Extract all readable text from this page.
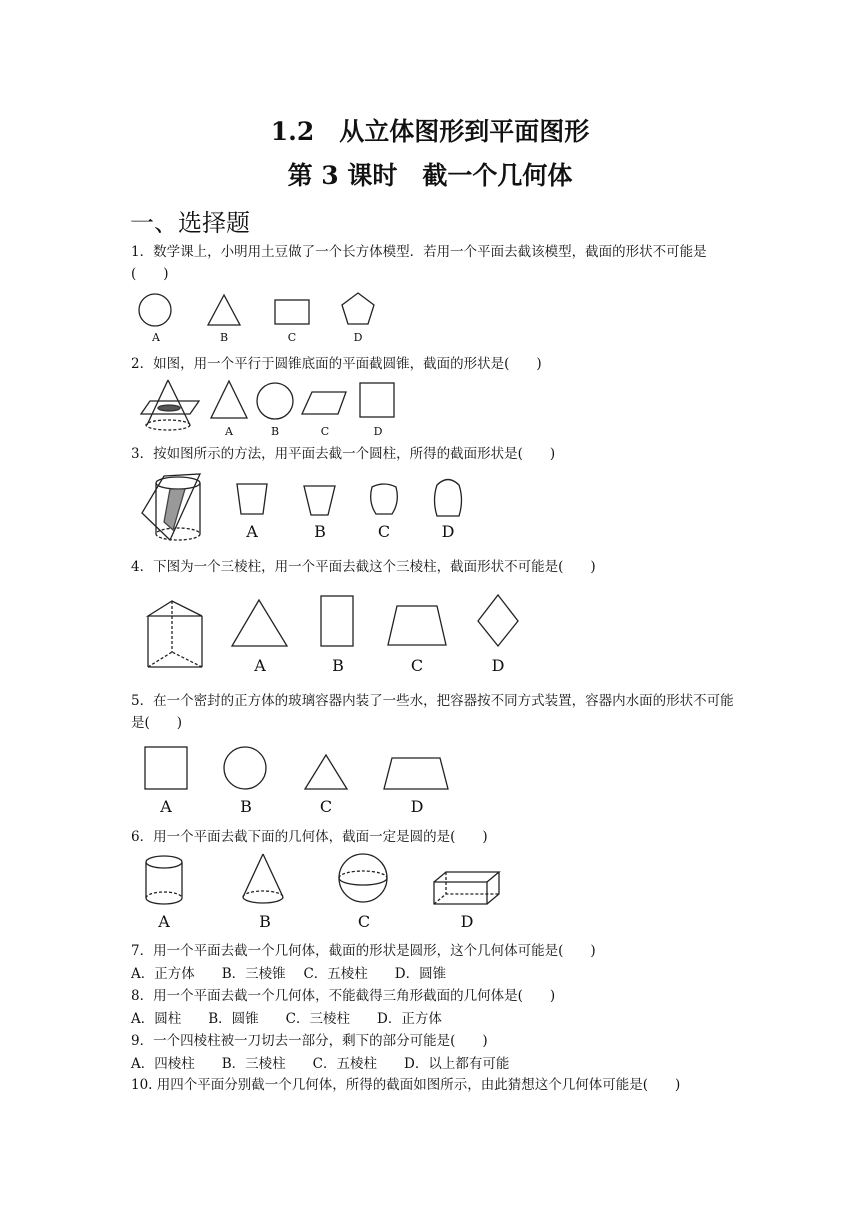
1.2　从立体图形到平面图形
第 3 课时　截一个几何体
一、选择题
1．数学课上，小明用土豆做了一个长方体模型．若用一个平面去截该模型，截面的形状不可能是(　　)
A	B	C	D
2．如图，用一个平行于圆锥底面的平面截圆锥，截面的形状是(　　)
A	B	C	D
3．按如图所示的方法，用平面去截一个圆柱，所得的截面形状是(　　)
A	B	C	D
4．下图为一个三棱柱，用一个平面去截这个三棱柱，截面形状不可能是(　　)
A	B	C	D
5．在一个密封的正方体的玻璃容器内装了一些水，把容器按不同方式装置，容器内水面的形状不可能是(　　)
A	B	C	D
6．用一个平面去截下面的几何体，截面一定是圆的是(　　)
A	B	C	D
7．用一个平面去截一个几何体，截面的形状是圆形，这个几何体可能是(　　)
A．正方体　　B．三棱锥　 C．五棱柱　　D．圆锥
8．用一个平面去截一个几何体，不能截得三角形截面的几何体是(　　)
A．圆柱　　B．圆锥　　C．三棱柱　　D．正方体
9．一个四棱柱被一刀切去一部分，剩下的部分可能是(　　)
A．四棱柱　　B．三棱柱　　C．五棱柱　　D．以上都有可能
10. 用四个平面分别截一个几何体，所得的截面如图所示，由此猜想这个几何体可能是(　　)
